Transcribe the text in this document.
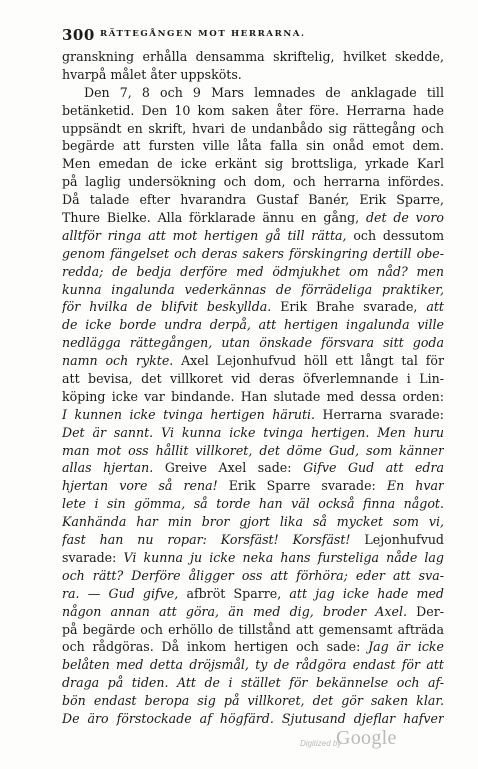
300 RÄTTEGÅNGEN MOT HERRARNA.
granskning erhålla densamma skriftelig, hvilket skedde,
hvarpå målet åter uppsköts.
Den 7, 8 och 9 Mars lemnades de anklagade till
betänketid. Den 10 kom saken åter före. Herrarna hade
uppsändt en skrift, hvari de undanbådo sig rättegång och
begärde att fursten ville låta falla sin onåd emot dem.
Men emedan de icke erkänt sig brottsliga, yrkade Karl
på laglig undersökning och dom, och herrarna infördes.
Då talade efter hvarandra Gustaf Banér, Erik Sparre,
Thure Bielke. Alla förklarade ännu en gång, det de voro
alltför ringa att mot hertigen gå till rätta, och dessutom
genom fängelset och deras sakers förskingring dertill obe-
redda; de bedja derföre med ödmjukhet om nåd? men
kunna ingalunda vederkännas de förrädeliga praktiker,
för hvilka de blifvit beskyllda. Erik Brahe svarade, att
de icke borde undra derpå, att hertigen ingalunda ville
nedlägga rättegången, utan önskade försvara sitt goda
namn och rykte. Axel Lejonhufvud höll ett långt tal för
att bevisa, det villkoret vid deras öfverlemnande i Lin-
köping icke var bindande. Han slutade med dessa orden:
I kunnen icke tvinga hertigen häruti. Herrarna svarade:
Det är sannt. Vi kunna icke tvinga hertigen. Men huru
man mot oss hållit villkoret, det döme Gud, som känner
allas hjertan. Greive Axel sade: Gifve Gud att edra
hjertan vore så rena! Erik Sparre svarade: En hvar
lete i sin gömma, så torde han väl också finna något.
Kanhända har min bror gjort lika så mycket som vi,
fast han nu ropar: Korsfäst! Korsfäst! Lejonhufvud
svarade: Vi kunna ju icke neka hans fursteliga nåde lag
och rätt? Derföre åligger oss att förhöra; eder att sva-
ra. — Gud gifve, afbröt Sparre, att jag icke hade med
någon annan att göra, än med dig, broder Axel. Der-
på begärde och erhöllo de tillstånd att gemensamt afträda
och rådgöras. Då inkom hertigen och sade: Jag är icke
belåten med detta dröjsmål, ty de rådgöra endast för att
draga på tiden. Att de i stället för bekännelse och af-
bön endast beropa sig på villkoret, det gör saken klar.
De äro förstockade af högfärd. Sjutusand djeflar hafver
Digitized by
Google
